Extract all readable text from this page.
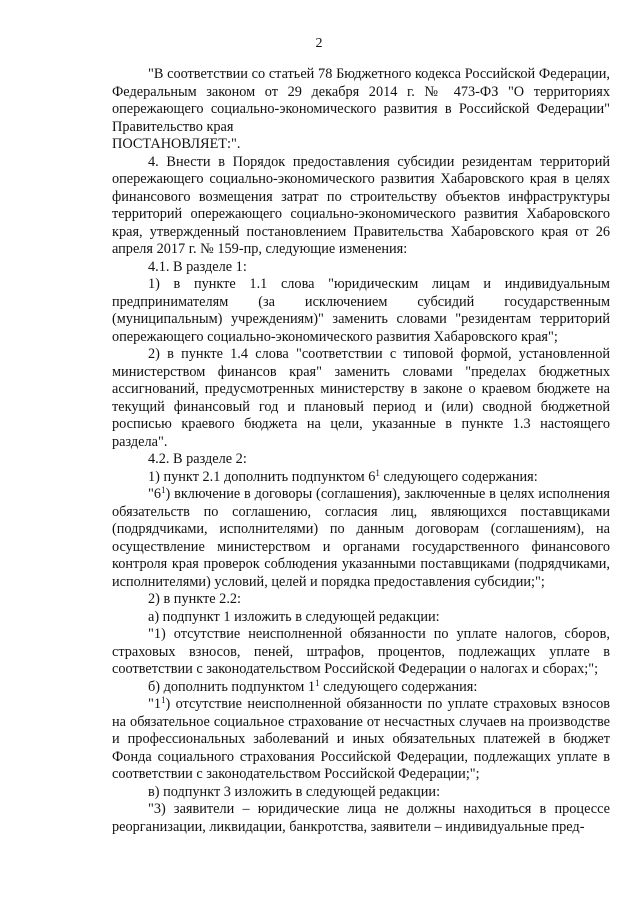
2

"В соответствии со статьей 78 Бюджетного кодекса Российской Федерации, Федеральным законом от 29 декабря 2014 г. № 473-ФЗ "О территориях опережающего социально-экономического развития в Российской Федерации" Правительство края

ПОСТАНОВЛЯЕТ:".

4. Внести в Порядок предоставления субсидии резидентам территорий опережающего социально-экономического развития Хабаровского края в целях финансового возмещения затрат по строительству объектов инфраструктуры территорий опережающего социально-экономического развития Хабаровского края, утвержденный постановлением Правительства Хабаровского края от 26 апреля 2017 г. № 159-пр, следующие изменения:

4.1. В разделе 1:

1) в пункте 1.1 слова "юридическим лицам и индивидуальным предпринимателям (за исключением субсидий государственным (муниципальным) учреждениям)" заменить словами "резидентам территорий опережающего социально-экономического развития Хабаровского края";

2) в пункте 1.4 слова "соответствии с типовой формой, установленной министерством финансов края" заменить словами "пределах бюджетных ассигнований, предусмотренных министерству в законе о краевом бюджете на текущий финансовый год и плановый период и (или) сводной бюджетной росписью краевого бюджета на цели, указанные в пункте 1.3 настоящего раздела".

4.2. В разделе 2:

1) пункт 2.1 дополнить подпунктом $6^1$ следующего содержания:

"$6^1$) включение в договоры (соглашения), заключенные в целях исполнения обязательств по соглашению, согласия лиц, являющихся поставщиками (подрядчиками, исполнителями) по данным договорам (соглашениям), на осуществление министерством и органами государственного финансового контроля края проверок соблюдения указанными поставщиками (подрядчиками, исполнителями) условий, целей и порядка предоставления субсидии;";

2) в пункте 2.2:

а) подпункт 1 изложить в следующей редакции:

"1) отсутствие неисполненной обязанности по уплате налогов, сборов, страховых взносов, пеней, штрафов, процентов, подлежащих уплате в соответствии с законодательством Российской Федерации о налогах и сборах;";

б) дополнить подпунктом $1^1$ следующего содержания:

"$1^1$) отсутствие неисполненной обязанности по уплате страховых взносов на обязательное социальное страхование от несчастных случаев на производстве и профессиональных заболеваний и иных обязательных платежей в бюджет Фонда социального страхования Российской Федерации, подлежащих уплате в соответствии с законодательством Российской Федерации;";

в) подпункт 3 изложить в следующей редакции:

"3) заявители – юридические лица не должны находиться в процессе реорганизации, ликвидации, банкротства, заявители – индивидуальные пред-
